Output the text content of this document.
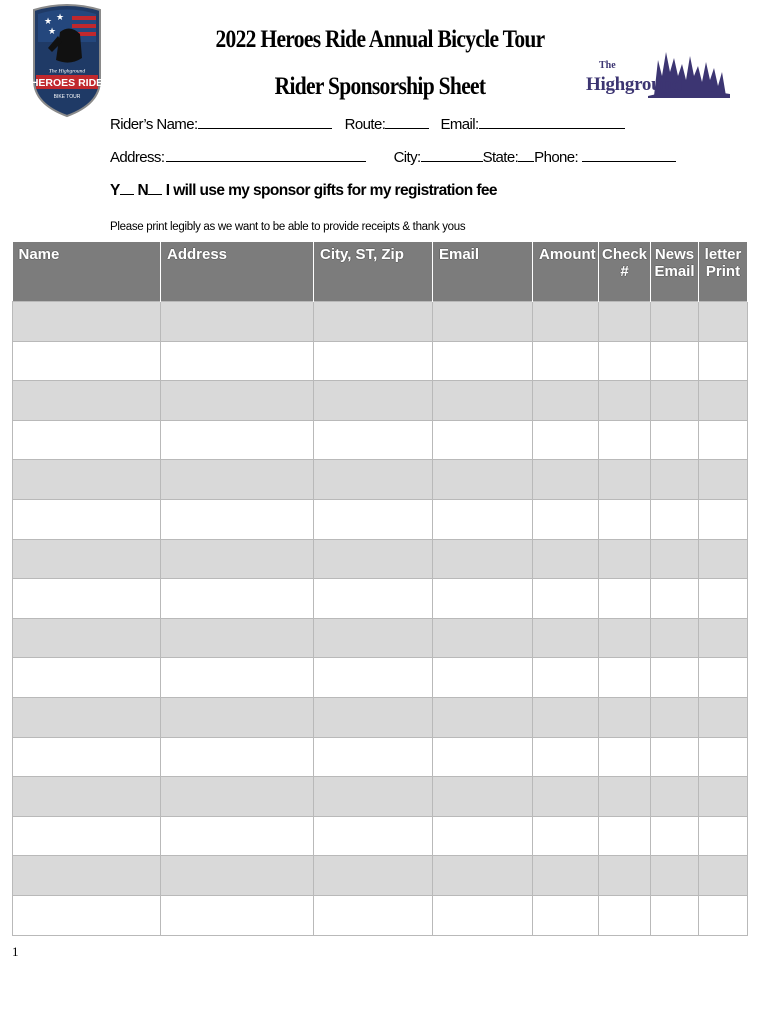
★ ★
★
The Highground
HEROES RIDE
BIKE TOUR
The
Highground
2022 Heroes Ride Annual Bicycle Tour
Rider Sponsorship Sheet
Rider’s Name:	Route:	Email:
Address:	City:	State: Phone:
Y N I will use my sponsor gifts for my registration fee
Please print legibly as we want to be able to provide receipts & thank yous
Name	Address	City, ST, Zip	Email	Amount	Check #	News Email	letter Print

1
